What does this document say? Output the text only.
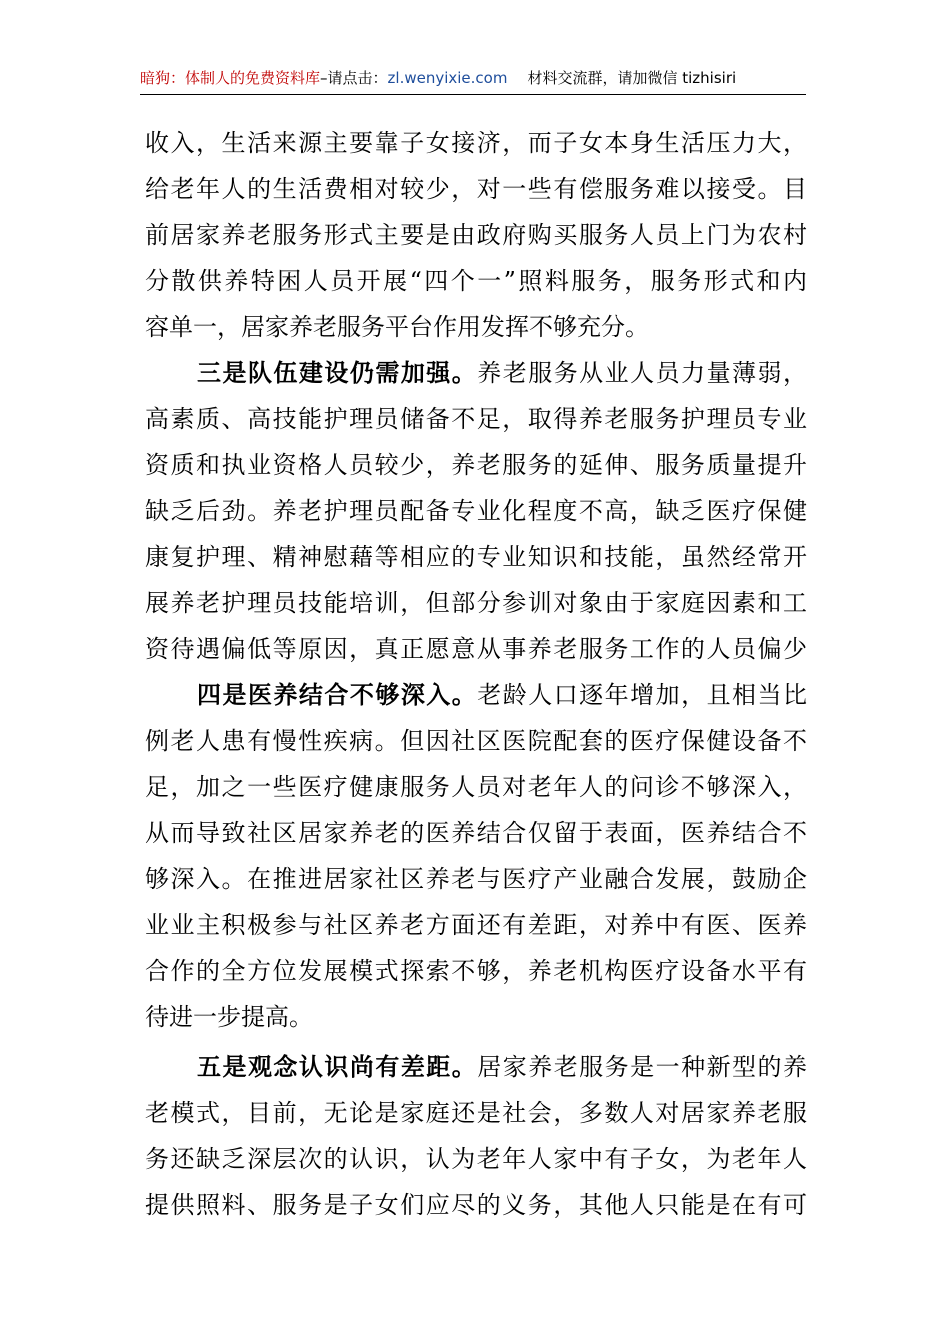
暗狗：体制人的免费资料库–请点击：zl.wenyixie.com 材料交流群，请加微信 tizhisiri
收入，生活来源主要靠子女接济，而子女本身生活压力大，
给老年人的生活费相对较少，对一些有偿服务难以接受。目
前居家养老服务形式主要是由政府购买服务人员上门为农村
分散供养特困人员开展“四个一”照料服务，服务形式和内
容单一，居家养老服务平台作用发挥不够充分。
三是队伍建设仍需加强。养老服务从业人员力量薄弱，
高素质、高技能护理员储备不足，取得养老服务护理员专业
资质和执业资格人员较少，养老服务的延伸、服务质量提升
缺乏后劲。养老护理员配备专业化程度不高，缺乏医疗保健
康复护理、精神慰藉等相应的专业知识和技能，虽然经常开
展养老护理员技能培训，但部分参训对象由于家庭因素和工
资待遇偏低等原因，真正愿意从事养老服务工作的人员偏少
四是医养结合不够深入。老龄人口逐年增加，且相当比
例老人患有慢性疾病。但因社区医院配套的医疗保健设备不
足，加之一些医疗健康服务人员对老年人的问诊不够深入，
从而导致社区居家养老的医养结合仅留于表面，医养结合不
够深入。在推进居家社区养老与医疗产业融合发展，鼓励企
业业主积极参与社区养老方面还有差距，对养中有医、医养
合作的全方位发展模式探索不够，养老机构医疗设备水平有
待进一步提高。
五是观念认识尚有差距。居家养老服务是一种新型的养
老模式，目前，无论是家庭还是社会，多数人对居家养老服
务还缺乏深层次的认识，认为老年人家中有子女，为老年人
提供照料、服务是子女们应尽的义务，其他人只能是在有可
